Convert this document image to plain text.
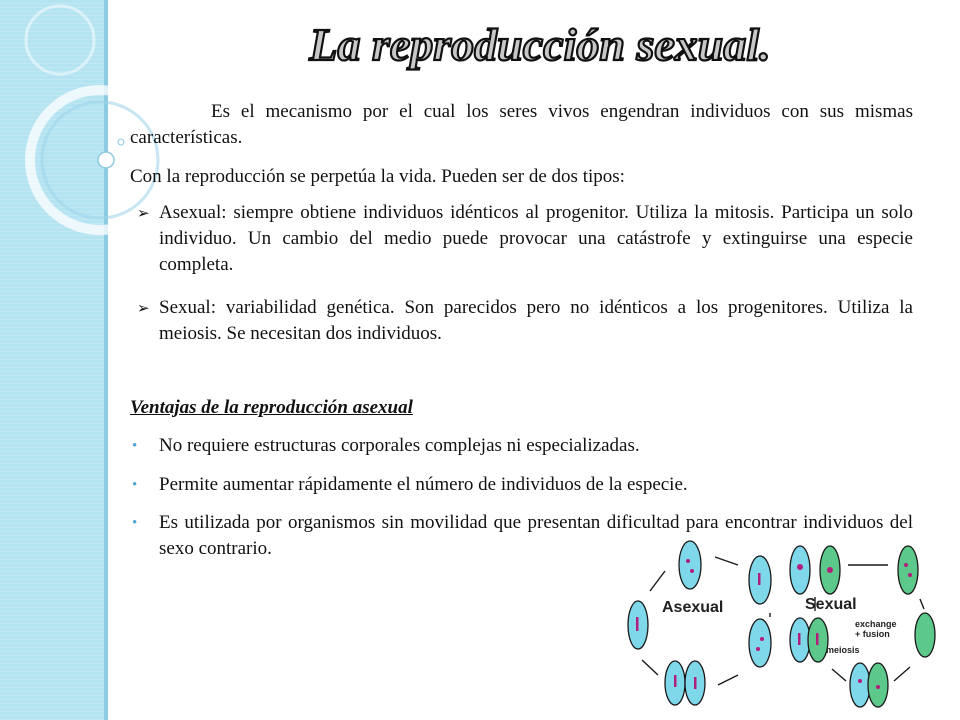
La reproducción sexual.
Es el mecanismo por el cual los seres vivos engendran individuos con sus mismas características.
Con la reproducción se perpetúa la vida. Pueden ser de dos tipos:
➢ Asexual: siempre obtiene individuos idénticos al progenitor. Utiliza la mitosis. Participa un solo individuo. Un cambio del medio puede provocar una catástrofe y extinguirse una especie completa.
➢ Sexual: variabilidad genética. Son parecidos pero no idénticos a los progenitores. Utiliza la meiosis. Se necesitan dos individuos.
Ventajas de la reproducción asexual
• No requiere estructuras corporales complejas ni especializadas.
• Permite aumentar rápidamente el número de individuos de la especie.
• Es utilizada por organismos sin movilidad que presentan dificultad para encontrar individuos del sexo contrario.
Asexual	Sexual
exchange
+ fusion
meiosis
